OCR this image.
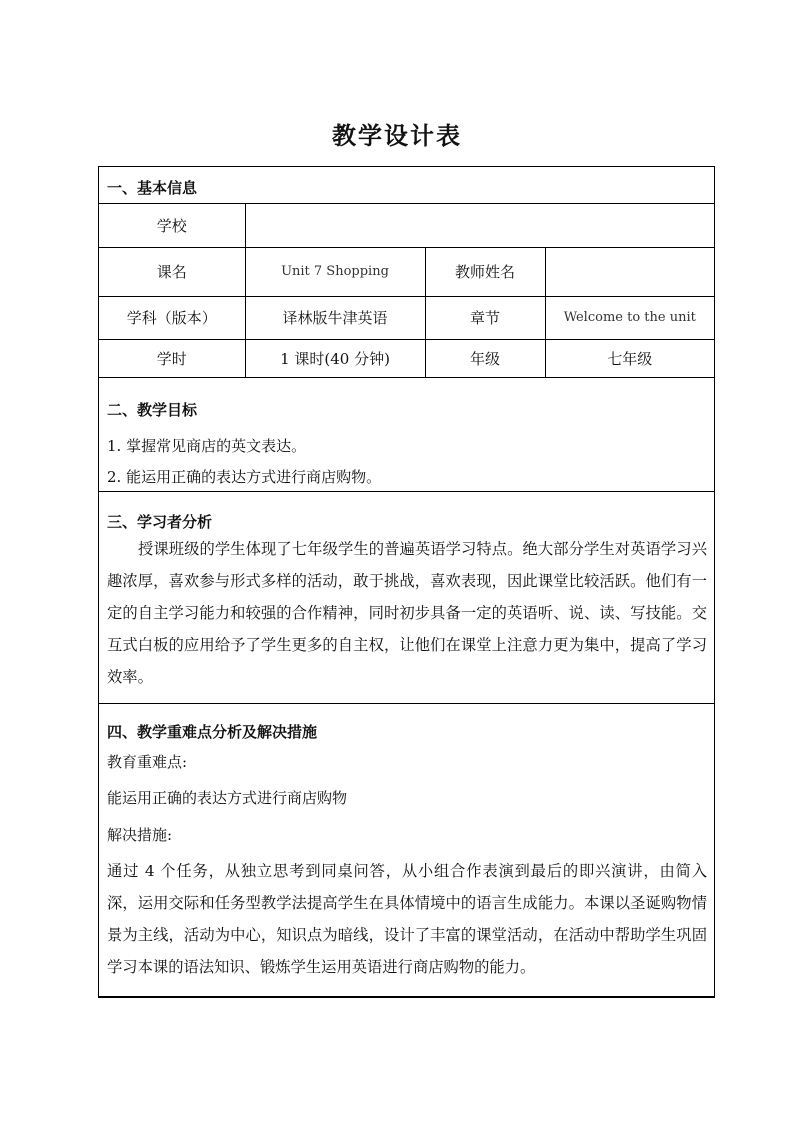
教学设计表
一、基本信息
学校			
课名	Unit 7 Shopping	教师姓名	
学科（版本）	译林版牛津英语	章节	Welcome to the unit
学时	1 课时(40 分钟)	年级	七年级
二、教学目标
1. 掌握常见商店的英文表达。
2. 能运用正确的表达方式进行商店购物。
三、学习者分析
授课班级的学生体现了七年级学生的普遍英语学习特点。绝大部分学生对英语学习兴趣浓厚，喜欢参与形式多样的活动，敢于挑战，喜欢表现，因此课堂比较活跃。他们有一定的自主学习能力和较强的合作精神，同时初步具备一定的英语听、说、读、写技能。交互式白板的应用给予了学生更多的自主权，让他们在课堂上注意力更为集中，提高了学习效率。
四、教学重难点分析及解决措施
教育重难点:
能运用正确的表达方式进行商店购物
解决措施:
通过 4 个任务，从独立思考到同桌问答，从小组合作表演到最后的即兴演讲，由简入深，运用交际和任务型教学法提高学生在具体情境中的语言生成能力。本课以圣诞购物情景为主线，活动为中心，知识点为暗线，设计了丰富的课堂活动，在活动中帮助学生巩固学习本课的语法知识、锻炼学生运用英语进行商店购物的能力。
